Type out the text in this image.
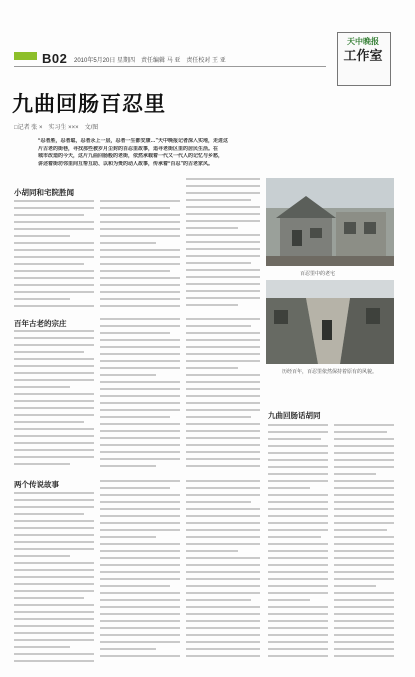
B02 2010年5月20日 星期四　责任编辑 马 亚　责任校对 王 亚
天中晚报
工作室
九曲回肠百忍里
□记者 张 ×　实习生 ×××　文/图
“忍者胜，忍者聪，忍者永上一层，忍者一生都安康…”天中晚报记者深入实地，走进这
片古老的街巷，寻找那些被岁月尘封的百忍里故事，追寻老街区里的居民生活。在
城市改造的今天，这片九曲回肠般的老街，依然承载着一代又一代人的记忆与乡愁，
讲述着街坊邻里间互帮互助、以和为贵的动人故事，传承着“百忍”的古老家风。
百忍里中的老宅
历经百年，百忍里依然保持着原有的风貌。
小胡同和宅院胜闻
百年古老的宗庄
两个传说故事
九曲回肠话胡同
